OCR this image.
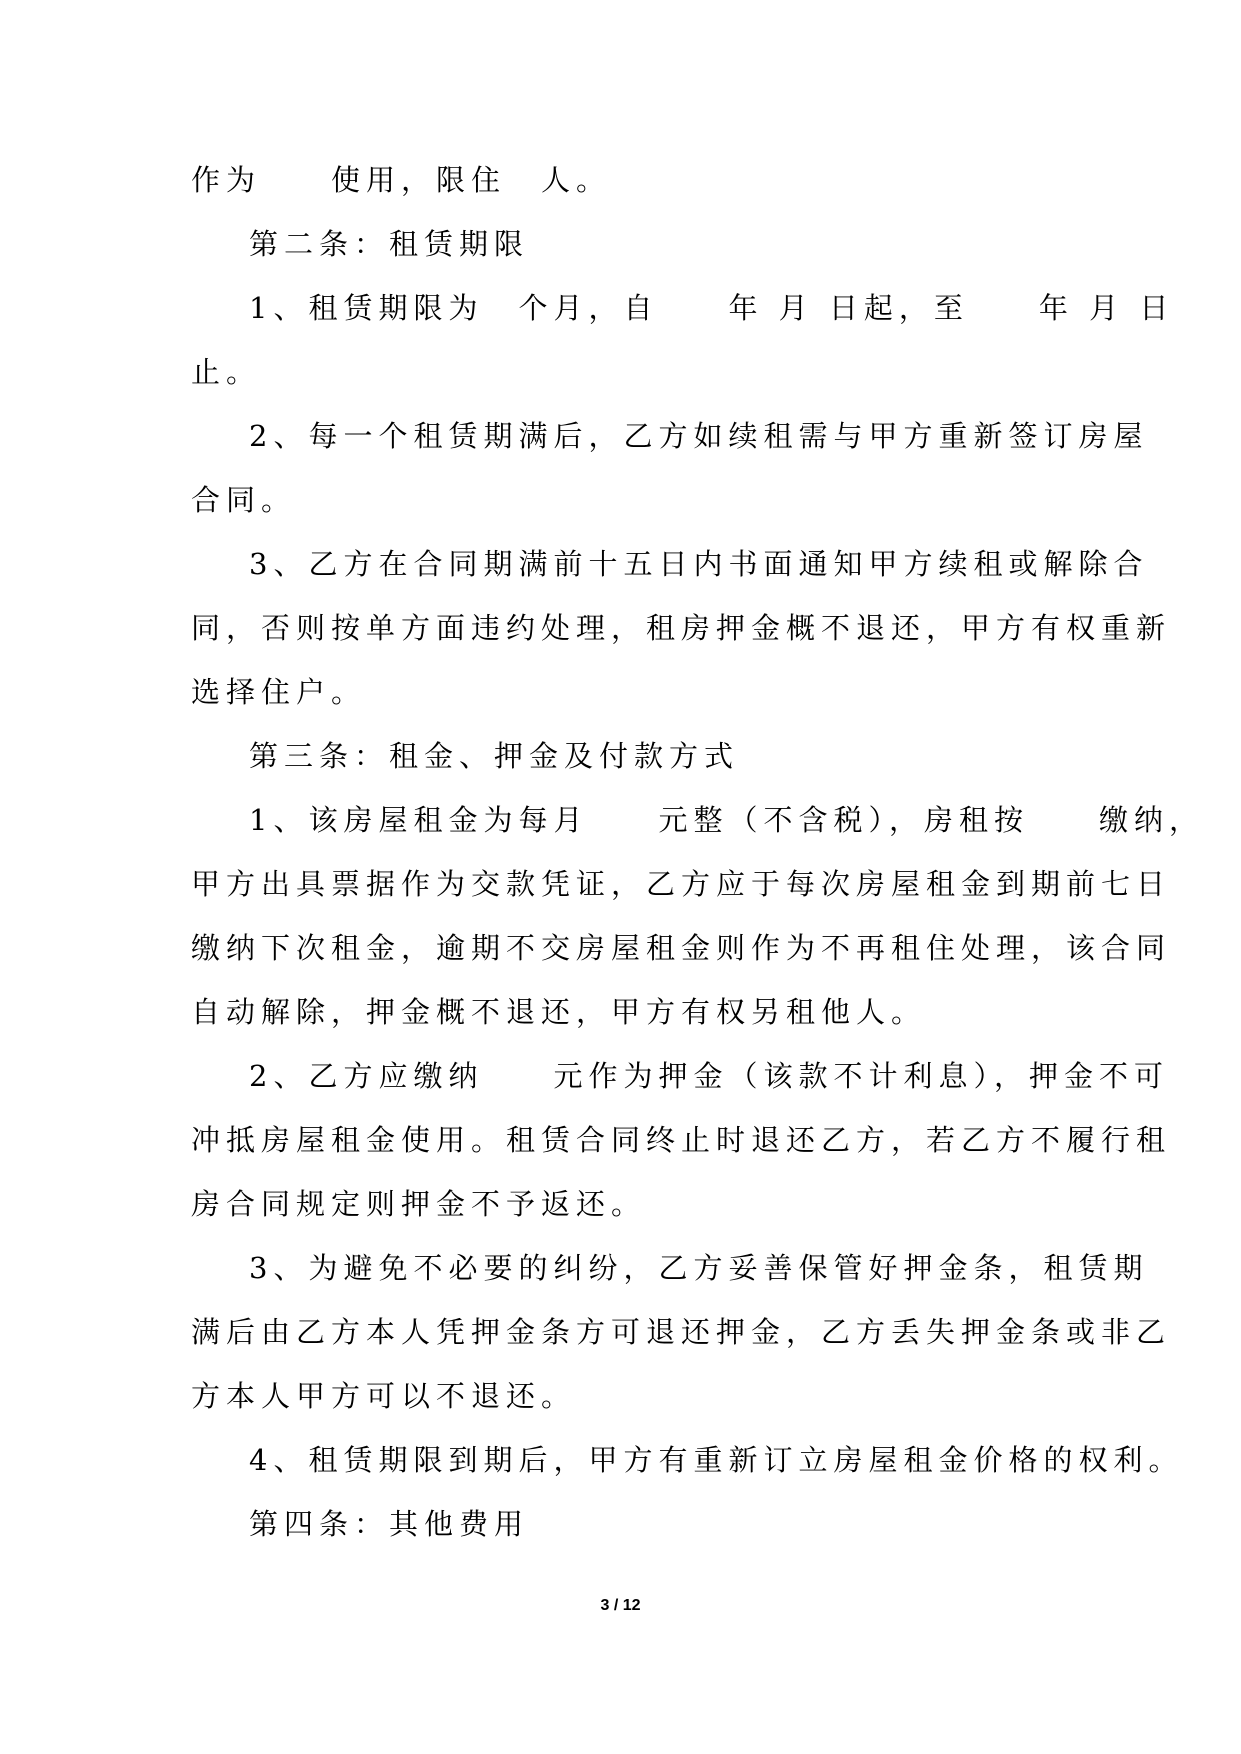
作为　　使用，限住　人。
第二条：租赁期限
1、租赁期限为　个月，自　　年 月 日起，至　　年 月 日
止。
2、每一个租赁期满后，乙方如续租需与甲方重新签订房屋
合同。
3、乙方在合同期满前十五日内书面通知甲方续租或解除合
同，否则按单方面违约处理，租房押金概不退还，甲方有权重新
选择住户。
第三条：租金、押金及付款方式
1、该房屋租金为每月　　元整（不含税），房租按　　缴纳，
甲方出具票据作为交款凭证，乙方应于每次房屋租金到期前七日
缴纳下次租金，逾期不交房屋租金则作为不再租住处理，该合同
自动解除，押金概不退还，甲方有权另租他人。
2、乙方应缴纳　　元作为押金（该款不计利息），押金不可
冲抵房屋租金使用。租赁合同终止时退还乙方，若乙方不履行租
房合同规定则押金不予返还。
3、为避免不必要的纠纷，乙方妥善保管好押金条，租赁期
满后由乙方本人凭押金条方可退还押金，乙方丢失押金条或非乙
方本人甲方可以不退还。
4、租赁期限到期后，甲方有重新订立房屋租金价格的权利。
第四条：其他费用
3 / 12
